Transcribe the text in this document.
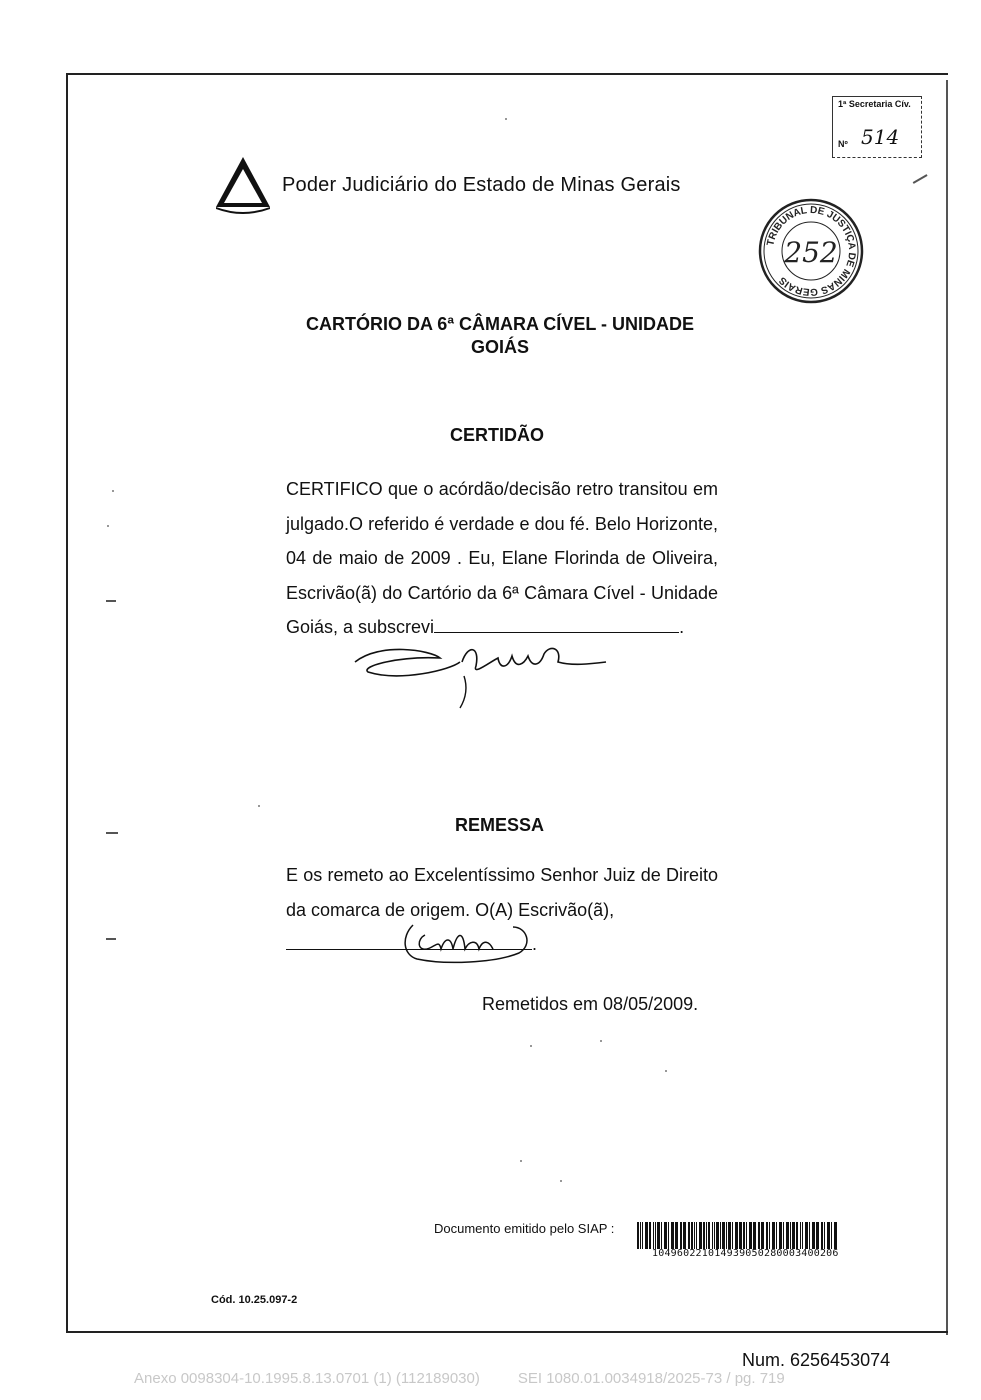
Poder Judiciário do Estado de Minas Gerais
1ª Secretaria Cív.
Nº 514
TRIBUNAL DE JUSTIÇA DE MINAS GERAIS
252
CARTÓRIO DA 6ª CÂMARA CÍVEL - UNIDADE
GOIÁS
CERTIDÃO
CERTIFICO que o acórdão/decisão retro transitou em julgado.O referido é verdade e dou fé. Belo Horizonte, 04 de maio de 2009 . Eu, Elane Florinda de Oliveira, Escrivão(ã) do Cartório da 6ª Câmara Cível - Unidade Goiás, a subscrevi	.
REMESSA
E os remeto ao Excelentíssimo Senhor Juiz de Direito da comarca de origem. O(A) Escrivão(ã),
.
Remetidos em 08/05/2009.
Documento emitido pelo SIAP :
104960221014939050280003400206
Cód. 10.25.097-2
Num. 6256453074
Anexo 0098304-10.1995.8.13.0701 (1) (112189030)	SEI 1080.01.0034918/2025-73 / pg. 719
